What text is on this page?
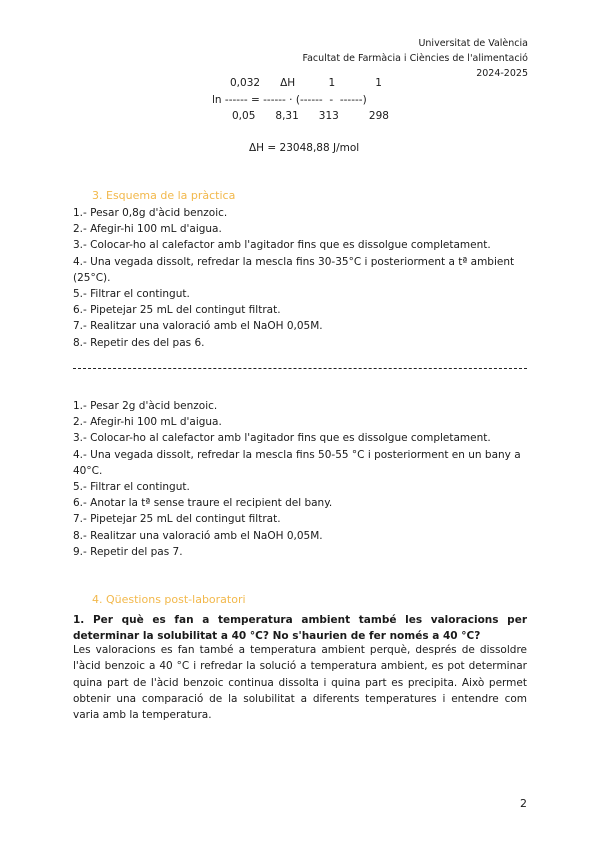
Universitat de València
Facultat de Farmàcia i Ciències de l'alimentació
2024-2025
0,032      ΔH          1            1
ln ------ = ------ · (------  -  ------)
0,05      8,31      313         298
ΔH = 23048,88 J/mol
3. Esquema de la pràctica
1.- Pesar 0,8g d'àcid benzoic.
2.- Afegir-hi 100 mL d'aigua.
3.- Colocar-ho al calefactor amb l'agitador fins que es dissolgue completament.
4.- Una vegada dissolt, refredar la mescla fins 30-35°C i posteriorment a tª ambient (25°C).
5.- Filtrar el contingut.
6.- Pipetejar 25 mL del contingut filtrat.
7.- Realitzar una valoració amb el NaOH 0,05M.
8.- Repetir des del pas 6.
1.- Pesar 2g d'àcid benzoic.
2.- Afegir-hi 100 mL d'aigua.
3.- Colocar-ho al calefactor amb l'agitador fins que es dissolgue completament.
4.- Una vegada dissolt, refredar la mescla fins 50-55 °C i posteriorment en un bany a 40°C.
5.- Filtrar el contingut.
6.- Anotar la tª sense traure el recipient del bany.
7.- Pipetejar 25 mL del contingut filtrat.
8.- Realitzar una valoració amb el NaOH 0,05M.
9.- Repetir del pas 7.
4. Qüestions post-laboratori
1. Per què es fan a temperatura ambient també les valoracions per determinar la solubilitat a 40 °C? No s'haurien de fer només a 40 °C?
Les valoracions es fan també a temperatura ambient perquè, després de dissoldre l'àcid benzoic a 40 °C i refredar la solució a temperatura ambient, es pot determinar quina part de l'àcid benzoic continua dissolta i quina part es precipita. Això permet obtenir una comparació de la solubilitat a diferents temperatures i entendre com varia amb la temperatura.
2
